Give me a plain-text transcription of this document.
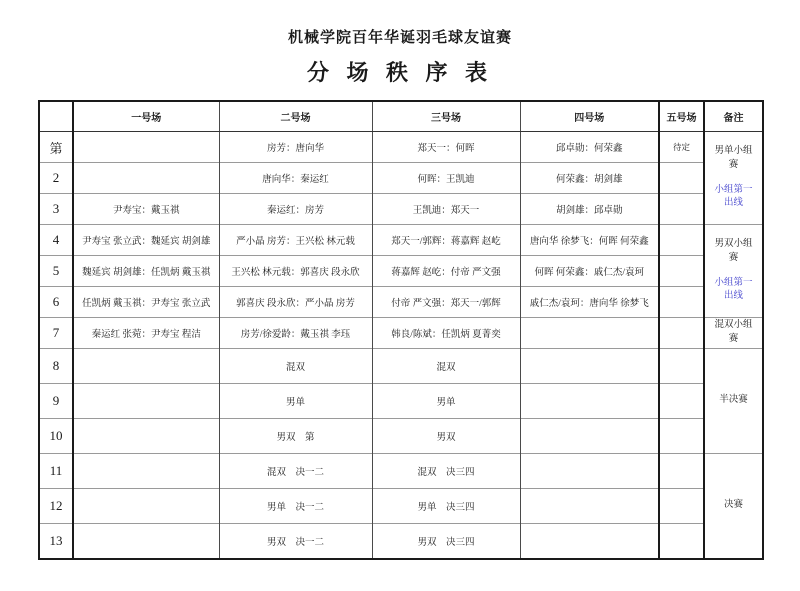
机械学院百年华诞羽毛球友谊赛
分 场 秩 序 表
	一号场	二号场	三号场	四号场	五号场	备注
第		房芳：唐向华	郑天一：何晖	邱卓勋：何荣鑫	待定	男单小组赛
小组第一出线

2		唐向华：秦运红	何晖：王凯迪	何荣鑫：胡剑雄		
3	尹寿宝：戴玉祺	秦运红：房芳	王凯迪：郑天一	胡剑雄：邱卓勋		
4	尹寿宝 张立武：魏延宾 胡剑雄	严小晶 房芳：王兴松 林元载	郑天一/郭辉：蒋嘉辉 赵屹	唐向华 徐梦飞：何晖 何荣鑫		男双小组赛
小组第一出线

5	魏延宾 胡剑雄：任凯炳 戴玉祺	王兴松 林元载：郭喜庆 段永欣	蒋嘉辉 赵屹：付帝 严文强	何晖 何荣鑫：戚仁杰/袁珂		
6	任凯炳 戴玉祺：尹寿宝 张立武	郭喜庆 段永欣：严小晶 房芳	付帝 严文强：郑天一/郭辉	戚仁杰/袁珂：唐向华 徐梦飞		
7	秦运红 张菀：尹寿宝 程洁	房芳/徐爱龄：戴玉祺 李珏	韩良/陈斌：任凯炳 夏菁奕			混双小组赛

8		混双	混双			半决赛

9		男单	男单			
10		男双　第	男双			
11		混双　决一二	混双　决三四			决赛

12		男单　决一二	男单　决三四			
13		男双　决一二	男双　决三四			
